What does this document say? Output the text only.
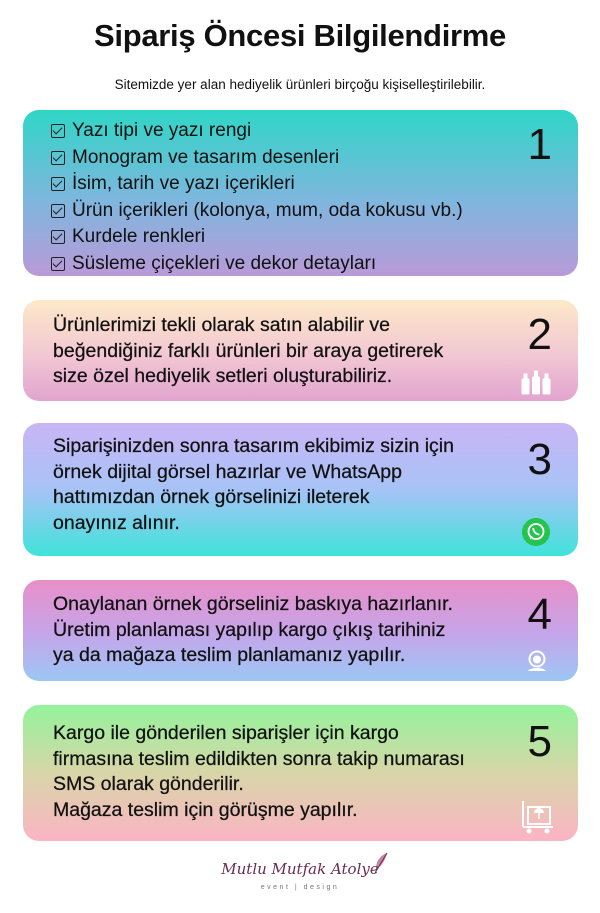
Sipariş Öncesi Bilgilendirme
Sitemizde yer alan hediyelik ürünleri birçoğu kişiselleştirilebilir.
Yazı tipi ve yazı rengi
Monogram ve tasarım desenleri
İsim, tarih ve yazı içerikleri
Ürün içerikleri (kolonya, mum, oda kokusu vb.)
Kurdele renkleri
Süsleme çiçekleri ve dekor detayları
1
Ürünlerimizi tekli olarak satın alabilir ve
beğendiğiniz farklı ürünleri bir araya getirerek
size özel hediyelik setleri oluşturabiliriz.
2
Siparişinizden sonra tasarım ekibimiz sizin için
örnek dijital görsel hazırlar ve WhatsApp
hattımızdan örnek görselinizi ileterek
onayınız alınır.
3
Onaylanan örnek görseliniz baskıya hazırlanır.
Üretim planlaması yapılıp kargo çıkış tarihiniz
ya da mağaza teslim planlamanız yapılır.
4
Kargo ile gönderilen siparişler için kargo
firmasına teslim edildikten sonra takip numarası
SMS olarak gönderilir.
Mağaza teslim için görüşme yapılır.
5
Mutlu Mutfak Atolye
event | design
